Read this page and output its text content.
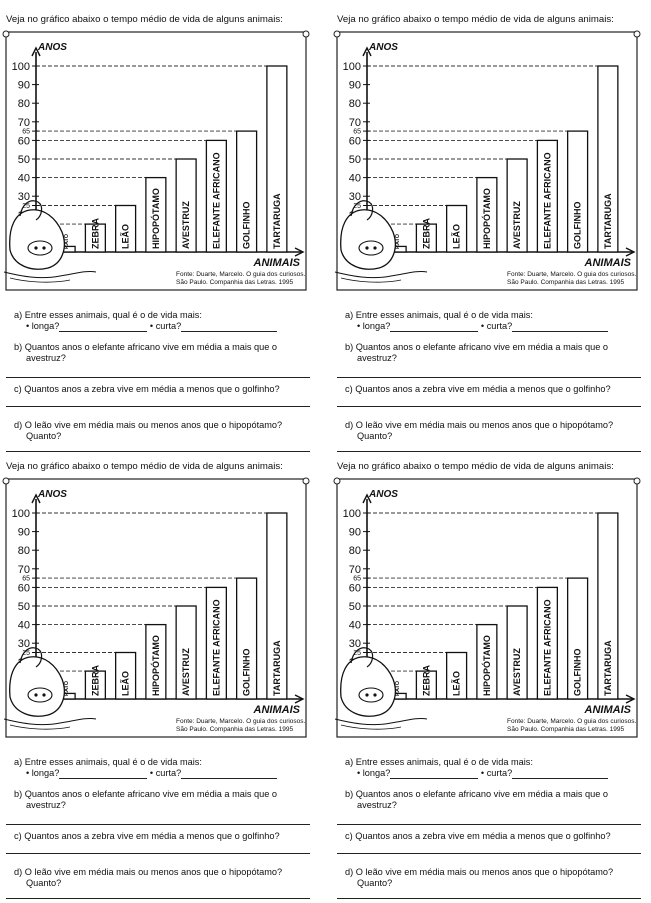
Veja no gráfico abaixo o tempo médio de vida de alguns animais:
ANOS
ANIMAIS
25
30
40
50
60
65
70
80
90
100
RATO ZEBRA LEÃO HIPOPÓTAMO AVESTRUZ ELEFANTE AFRICANO GOLFINHO TARTARUGA
Fonte: Duarte, Marcelo. O guia dos curiosos.
São Paulo. Companhia das Letras. 1995
a) Entre esses animais, qual é o de vida mais:
• longa?	• curta?
b) Quantos anos o elefante africano vive em média a mais que o
avestruz?
c) Quantos anos a zebra vive em média a menos que o golfinho?
d) O leão vive em média mais ou menos anos que o hipopótamo?
Quanto?
Veja no gráfico abaixo o tempo médio de vida de alguns animais:
ANOS
ANIMAIS
25
30
40
50
60
65
70
80
90
100
RATO ZEBRA LEÃO HIPOPÓTAMO AVESTRUZ ELEFANTE AFRICANO GOLFINHO TARTARUGA
Fonte: Duarte, Marcelo. O guia dos curiosos.
São Paulo. Companhia das Letras. 1995
a) Entre esses animais, qual é o de vida mais:
• longa?	• curta?
b) Quantos anos o elefante africano vive em média a mais que o
avestruz?
c) Quantos anos a zebra vive em média a menos que o golfinho?
d) O leão vive em média mais ou menos anos que o hipopótamo?
Quanto?
Veja no gráfico abaixo o tempo médio de vida de alguns animais:
ANOS
ANIMAIS
25
30
40
50
60
65
70
80
90
100
RATO ZEBRA LEÃO HIPOPÓTAMO AVESTRUZ ELEFANTE AFRICANO GOLFINHO TARTARUGA
Fonte: Duarte, Marcelo. O guia dos curiosos.
São Paulo. Companhia das Letras. 1995
a) Entre esses animais, qual é o de vida mais:
• longa?	• curta?
b) Quantos anos o elefante africano vive em média a mais que o
avestruz?
c) Quantos anos a zebra vive em média a menos que o golfinho?
d) O leão vive em média mais ou menos anos que o hipopótamo?
Quanto?
Veja no gráfico abaixo o tempo médio de vida de alguns animais:
ANOS
ANIMAIS
25
30
40
50
60
65
70
80
90
100
RATO ZEBRA LEÃO HIPOPÓTAMO AVESTRUZ ELEFANTE AFRICANO GOLFINHO TARTARUGA
Fonte: Duarte, Marcelo. O guia dos curiosos.
São Paulo. Companhia das Letras. 1995
a) Entre esses animais, qual é o de vida mais:
• longa?	• curta?
b) Quantos anos o elefante africano vive em média a mais que o
avestruz?
c) Quantos anos a zebra vive em média a menos que o golfinho?
d) O leão vive em média mais ou menos anos que o hipopótamo?
Quanto?
